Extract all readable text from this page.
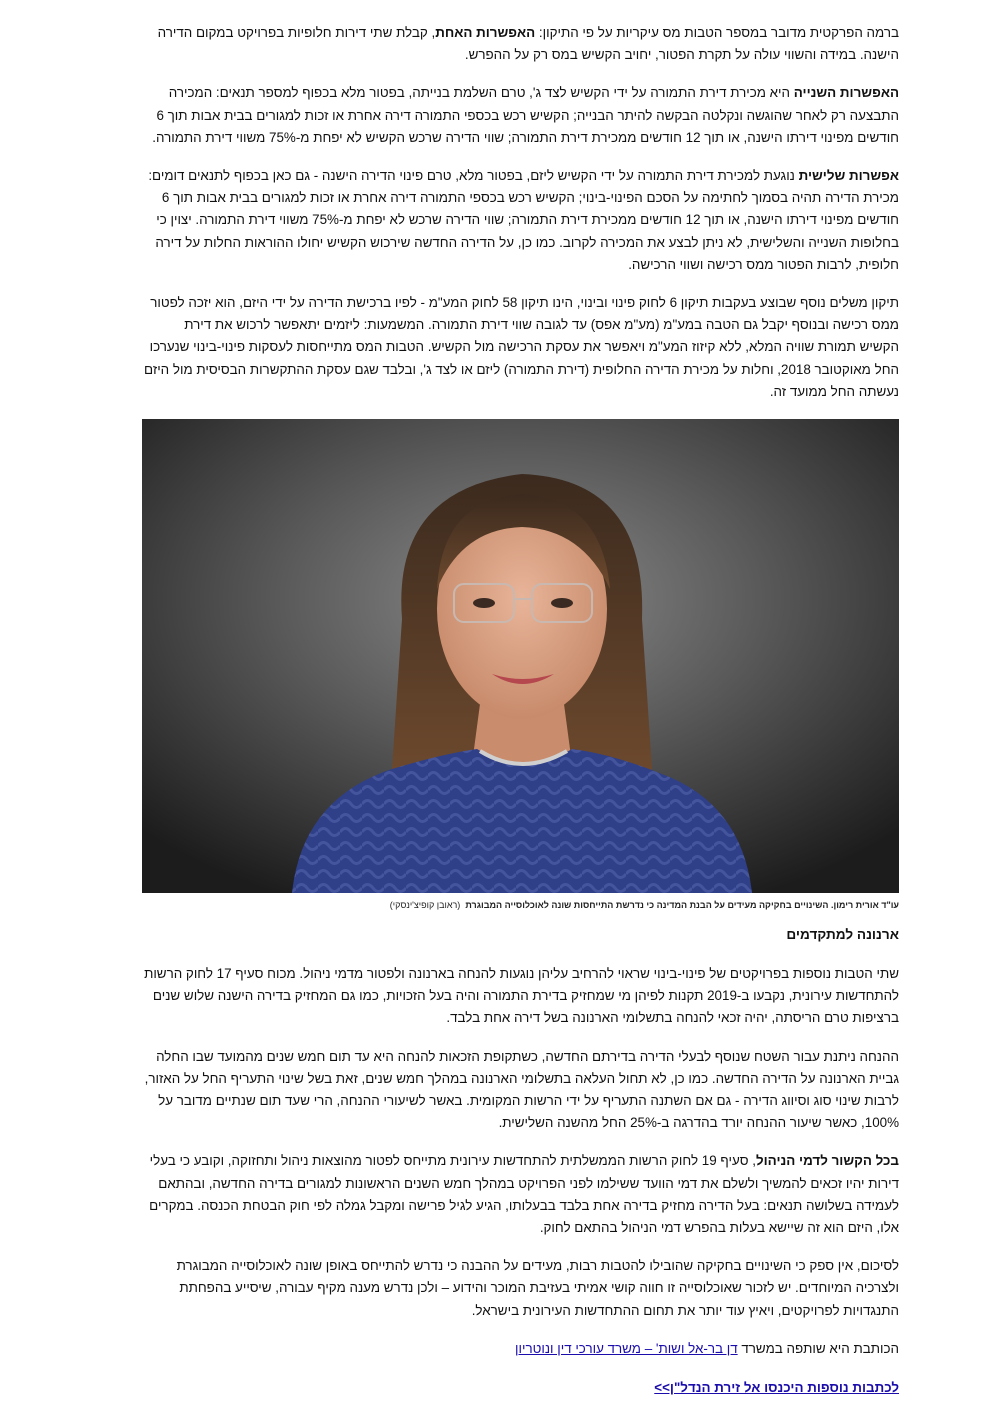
ברמה הפרקטית מדובר במספר הטבות מס עיקריות על פי התיקון: האפשרות האחת, קבלת שתי דירות חלופיות בפרויקט במקום הדירה הישנה. במידה והשווי עולה על תקרת הפטור, יחויב הקשיש במס רק על ההפרש.

האפשרות השנייה היא מכירת דירת התמורה על ידי הקשיש לצד ג', טרם השלמת בנייתה, בפטור מלא בכפוף למספר תנאים: המכירה התבצעה רק לאחר שהוגשה ונקלטה הבקשה להיתר הבנייה; הקשיש רכש בכספי התמורה דירה אחרת או זכות למגורים בבית אבות תוך 6 חודשים מפינוי דירתו הישנה, או תוך 12 חודשים ממכירת דירת התמורה; שווי הדירה שרכש הקשיש לא יפחת מ-75% משווי דירת התמורה.

אפשרות שלישית נוגעת למכירת דירת התמורה על ידי הקשיש ליזם, בפטור מלא, טרם פינוי הדירה הישנה - גם כאן בכפוף לתנאים דומים: מכירת הדירה תהיה בסמוך לחתימה על הסכם הפינוי-בינוי; הקשיש רכש בכספי התמורה דירה אחרת או זכות למגורים בבית אבות תוך 6 חודשים מפינוי דירתו הישנה, או תוך 12 חודשים ממכירת דירת התמורה; שווי הדירה שרכש לא יפחת מ-75% משווי דירת התמורה. יצוין כי בחלופות השנייה והשלישית, לא ניתן לבצע את המכירה לקרוב. כמו כן, על הדירה החדשה שירכוש הקשיש יחולו ההוראות החלות על דירה חלופית, לרבות הפטור ממס רכישה ושווי הרכישה.

תיקון משלים נוסף שבוצע בעקבות תיקון 6 לחוק פינוי ובינוי, הינו תיקון 58 לחוק המע"מ - לפיו ברכישת הדירה על ידי היזם, הוא יזכה לפטור ממס רכישה ובנוסף יקבל גם הטבה במע"מ (מע"מ אפס) עד לגובה שווי דירת התמורה. המשמעות: ליזמים יתאפשר לרכוש את דירת הקשיש תמורת שוויה המלא, ללא קיזוז המע"מ ויאפשר את עסקת הרכישה מול הקשיש. הטבות המס מתייחסות לעסקות פינוי-בינוי שנערכו החל מאוקטובר 2018, וחלות על מכירת הדירה החלופית (דירת התמורה) ליזם או לצד ג', ובלבד שגם עסקת ההתקשרות הבסיסית מול היזם נעשתה החל ממועד זה.

עו"ד אורית רימון. השינויים בחקיקה מעידים על הבנת המדינה כי נדרשת התייחסות שונה לאוכלוסייה המבוגרת  (ראובן קופיצ'ינסקי)
ארנונה למתקדמים

שתי הטבות נוספות בפרויקטים של פינוי-בינוי שראוי להרחיב עליהן נוגעות להנחה בארנונה ולפטור מדמי ניהול. מכוח סעיף 17 לחוק הרשות להתחדשות עירונית, נקבעו ב-2019 תקנות לפיהן מי שמחזיק בדירת התמורה והיה בעל הזכויות, כמו גם המחזיק בדירה הישנה שלוש שנים ברציפות טרם הריסתה, יהיה זכאי להנחה בתשלומי הארנונה בשל דירה אחת בלבד.

ההנחה ניתנת עבור השטח שנוסף לבעלי הדירה בדירתם החדשה, כשתקופת הזכאות להנחה היא עד תום חמש שנים מהמועד שבו החלה גביית הארנונה על הדירה החדשה. כמו כן, לא תחול העלאה בתשלומי הארנונה במהלך חמש שנים, זאת בשל שינוי התעריף החל על האזור, לרבות שינוי סוג וסיווג הדירה - גם אם השתנה התעריף על ידי הרשות המקומית. באשר לשיעורי ההנחה, הרי שעד תום שנתיים מדובר על 100%, כאשר שיעור ההנחה יורד בהדרגה ב-25% החל מהשנה השלישית.

בכל הקשור לדמי הניהול, סעיף 19 לחוק הרשות הממשלתית להתחדשות עירונית מתייחס לפטור מהוצאות ניהול ותחזוקה, וקובע כי בעלי דירות יהיו זכאים להמשיך ולשלם את דמי הוועד ששילמו לפני הפרויקט במהלך חמש השנים הראשונות למגורים בדירה החדשה, ובהתאם לעמידה בשלושה תנאים: בעל הדירה מחזיק בדירה אחת בלבד בבעלותו, הגיע לגיל פרישה ומקבל גמלה לפי חוק הבטחת הכנסה. במקרים אלו, היזם הוא זה שיישא בעלות בהפרש דמי הניהול בהתאם לחוק.

לסיכום, אין ספק כי השינויים בחקיקה שהובילו להטבות רבות, מעידים על ההבנה כי נדרש להתייחס באופן שונה לאוכלוסייה המבוגרת ולצרכיה המיוחדים. יש לזכור שאוכלוסייה זו חווה קושי אמיתי בעזיבת המוכר והידוע – ולכן נדרש מענה מקיף עבורה, שיסייע בהפחתת התנגדויות לפרויקטים, ויאיץ עוד יותר את תחום ההתחדשות העירונית בישראל.

הכותבת היא שותפה במשרד דן בר-אל ושות' – משרד עורכי דין ונוטריון

לכתבות נוספות היכנסו אל זירת הנדל"ן>>
